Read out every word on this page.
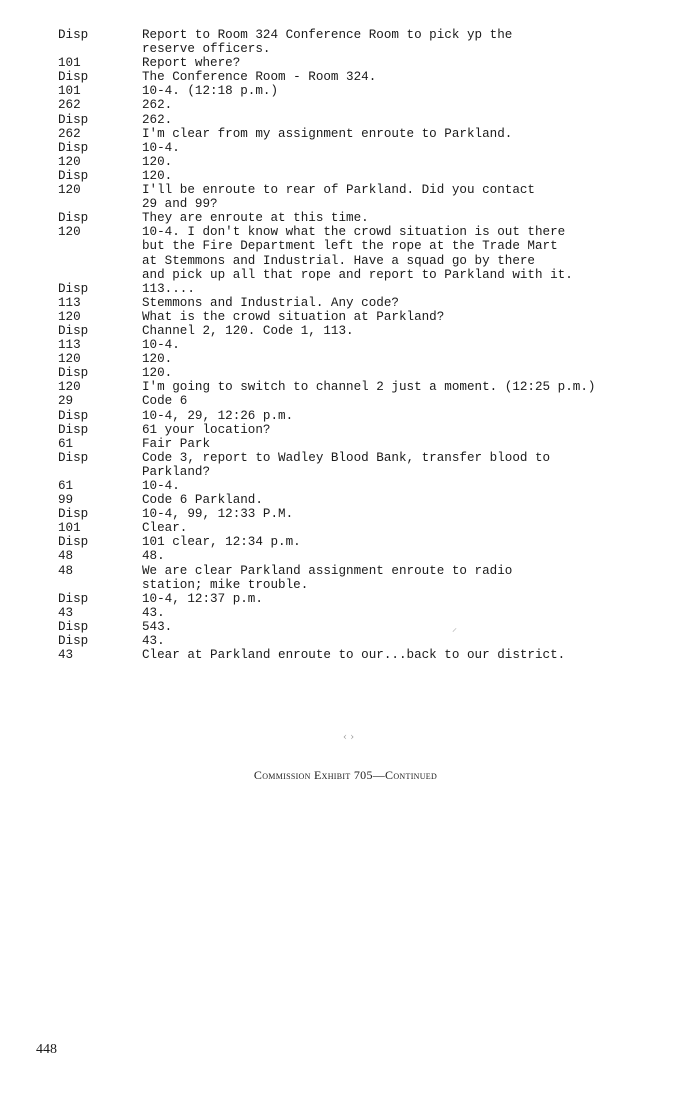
Disp	Report to Room 324 Conference Room to pick yp the
reserve officers.
101	Report where?
Disp	The Conference Room - Room 324.
101	10-4. (12:18 p.m.)
262	262.
Disp	262.
262	I'm clear from my assignment enroute to Parkland.
Disp	10-4.
120	120.
Disp	120.
120	I'll be enroute to rear of Parkland. Did you contact
29 and 99?
Disp	They are enroute at this time.
120	10-4. I don't know what the crowd situation is out there
but the Fire Department left the rope at the Trade Mart
at Stemmons and Industrial. Have a squad go by there
and pick up all that rope and report to Parkland with it.
Disp	113....
113	Stemmons and Industrial. Any code?
120	What is the crowd situation at Parkland?
Disp	Channel 2, 120. Code 1, 113.
113	10-4.
120	120.
Disp	120.
120	I'm going to switch to channel 2 just a moment. (12:25 p.m.)
29	Code 6
Disp	10-4, 29, 12:26 p.m.
Disp	61 your location?
61	Fair Park
Disp	Code 3, report to Wadley Blood Bank, transfer blood to
Parkland?
61	10-4.
99	Code 6 Parkland.
Disp	10-4, 99, 12:33 P.M.
101	Clear.
Disp	101 clear, 12:34 p.m.
48	48.
48	We are clear Parkland assignment enroute to radio
station; mike trouble.
Disp	10-4, 12:37 p.m.
43	43.
Disp	543.
Disp	43.
43	Clear at Parkland enroute to our...back to our district.
Commission Exhibit 705—Continued
448
‹ ›
⸝
